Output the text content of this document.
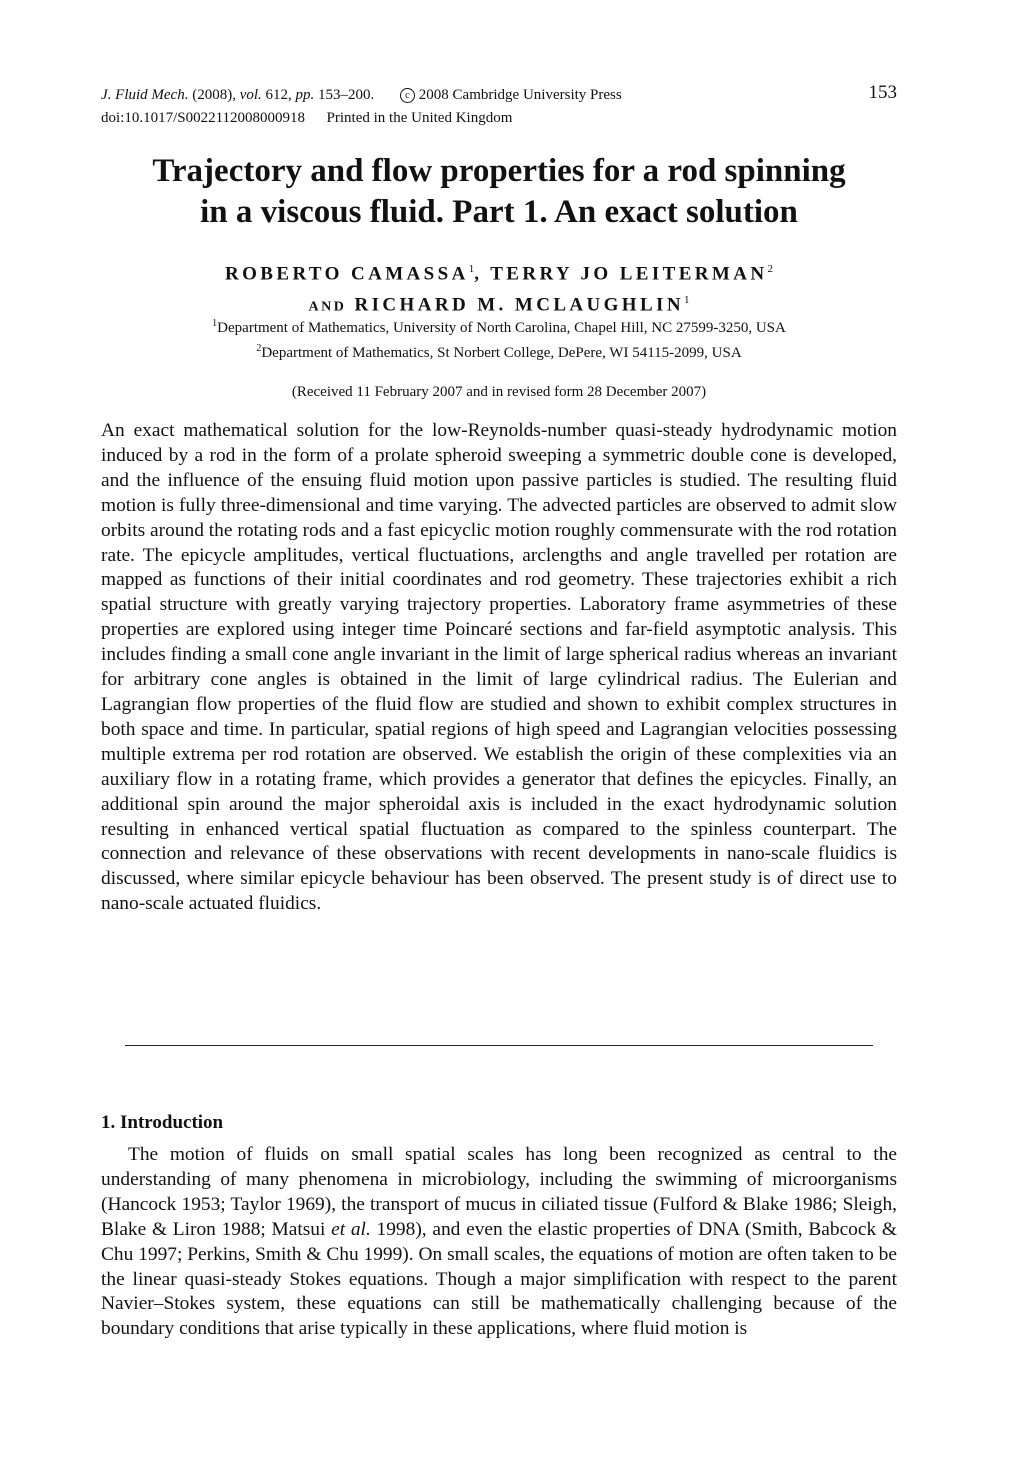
J. Fluid Mech. (2008), vol. 612, pp. 153–200.	c 2008 Cambridge University Press
doi:10.1017/S0022112008000918 Printed in the United Kingdom
153
Trajectory and flow properties for a rod spinning
in a viscous fluid. Part 1. An exact solution
ROBERTO CAMASSA$^1$, TERRY JO LEITERMAN$^2$
AND RICHARD M. MCLAUGHLIN$^1$
$^1$Department of Mathematics, University of North Carolina, Chapel Hill, NC 27599-3250, USA
$^2$Department of Mathematics, St Norbert College, DePere, WI 54115-2099, USA
(Received 11 February 2007 and in revised form 28 December 2007)

An exact mathematical solution for the low-Reynolds-number quasi-steady hydrodynamic motion induced by a rod in the form of a prolate spheroid sweeping a symmetric double cone is developed, and the influence of the ensuing fluid motion upon passive particles is studied. The resulting fluid motion is fully three-dimensional and time varying. The advected particles are observed to admit slow orbits around the rotating rods and a fast epicyclic motion roughly commensurate with the rod rotation rate. The epicycle amplitudes, vertical fluctuations, arclengths and angle travelled per rotation are mapped as functions of their initial coordinates and rod geometry. These trajectories exhibit a rich spatial structure with greatly varying trajectory properties. Laboratory frame asymmetries of these properties are explored using integer time Poincaré sections and far-field asymptotic analysis. This includes finding a small cone angle invariant in the limit of large spherical radius whereas an invariant for arbitrary cone angles is obtained in the limit of large cylindrical radius. The Eulerian and Lagrangian flow properties of the fluid flow are studied and shown to exhibit complex structures in both space and time. In particular, spatial regions of high speed and Lagrangian velocities possessing multiple extrema per rod rotation are observed. We establish the origin of these complexities via an auxiliary flow in a rotating frame, which provides a generator that defines the epicycles. Finally, an additional spin around the major spheroidal axis is included in the exact hydrodynamic solution resulting in enhanced vertical spatial fluctuation as compared to the spinless counterpart. The connection and relevance of these observations with recent developments in nano-scale fluidics is discussed, where similar epicycle behaviour has been observed. The present study is of direct use to nano-scale actuated fluidics.

1. Introduction

The motion of fluids on small spatial scales has long been recognized as central to the understanding of many phenomena in microbiology, including the swimming of microorganisms (Hancock 1953; Taylor 1969), the transport of mucus in ciliated tissue (Fulford & Blake 1986; Sleigh, Blake & Liron 1988; Matsui et al. 1998), and even the elastic properties of DNA (Smith, Babcock & Chu 1997; Perkins, Smith & Chu 1999). On small scales, the equations of motion are often taken to be the linear quasi-steady Stokes equations. Though a major simplification with respect to the parent Navier–Stokes system, these equations can still be mathematically challenging because of the boundary conditions that arise typically in these applications, where fluid motion is
